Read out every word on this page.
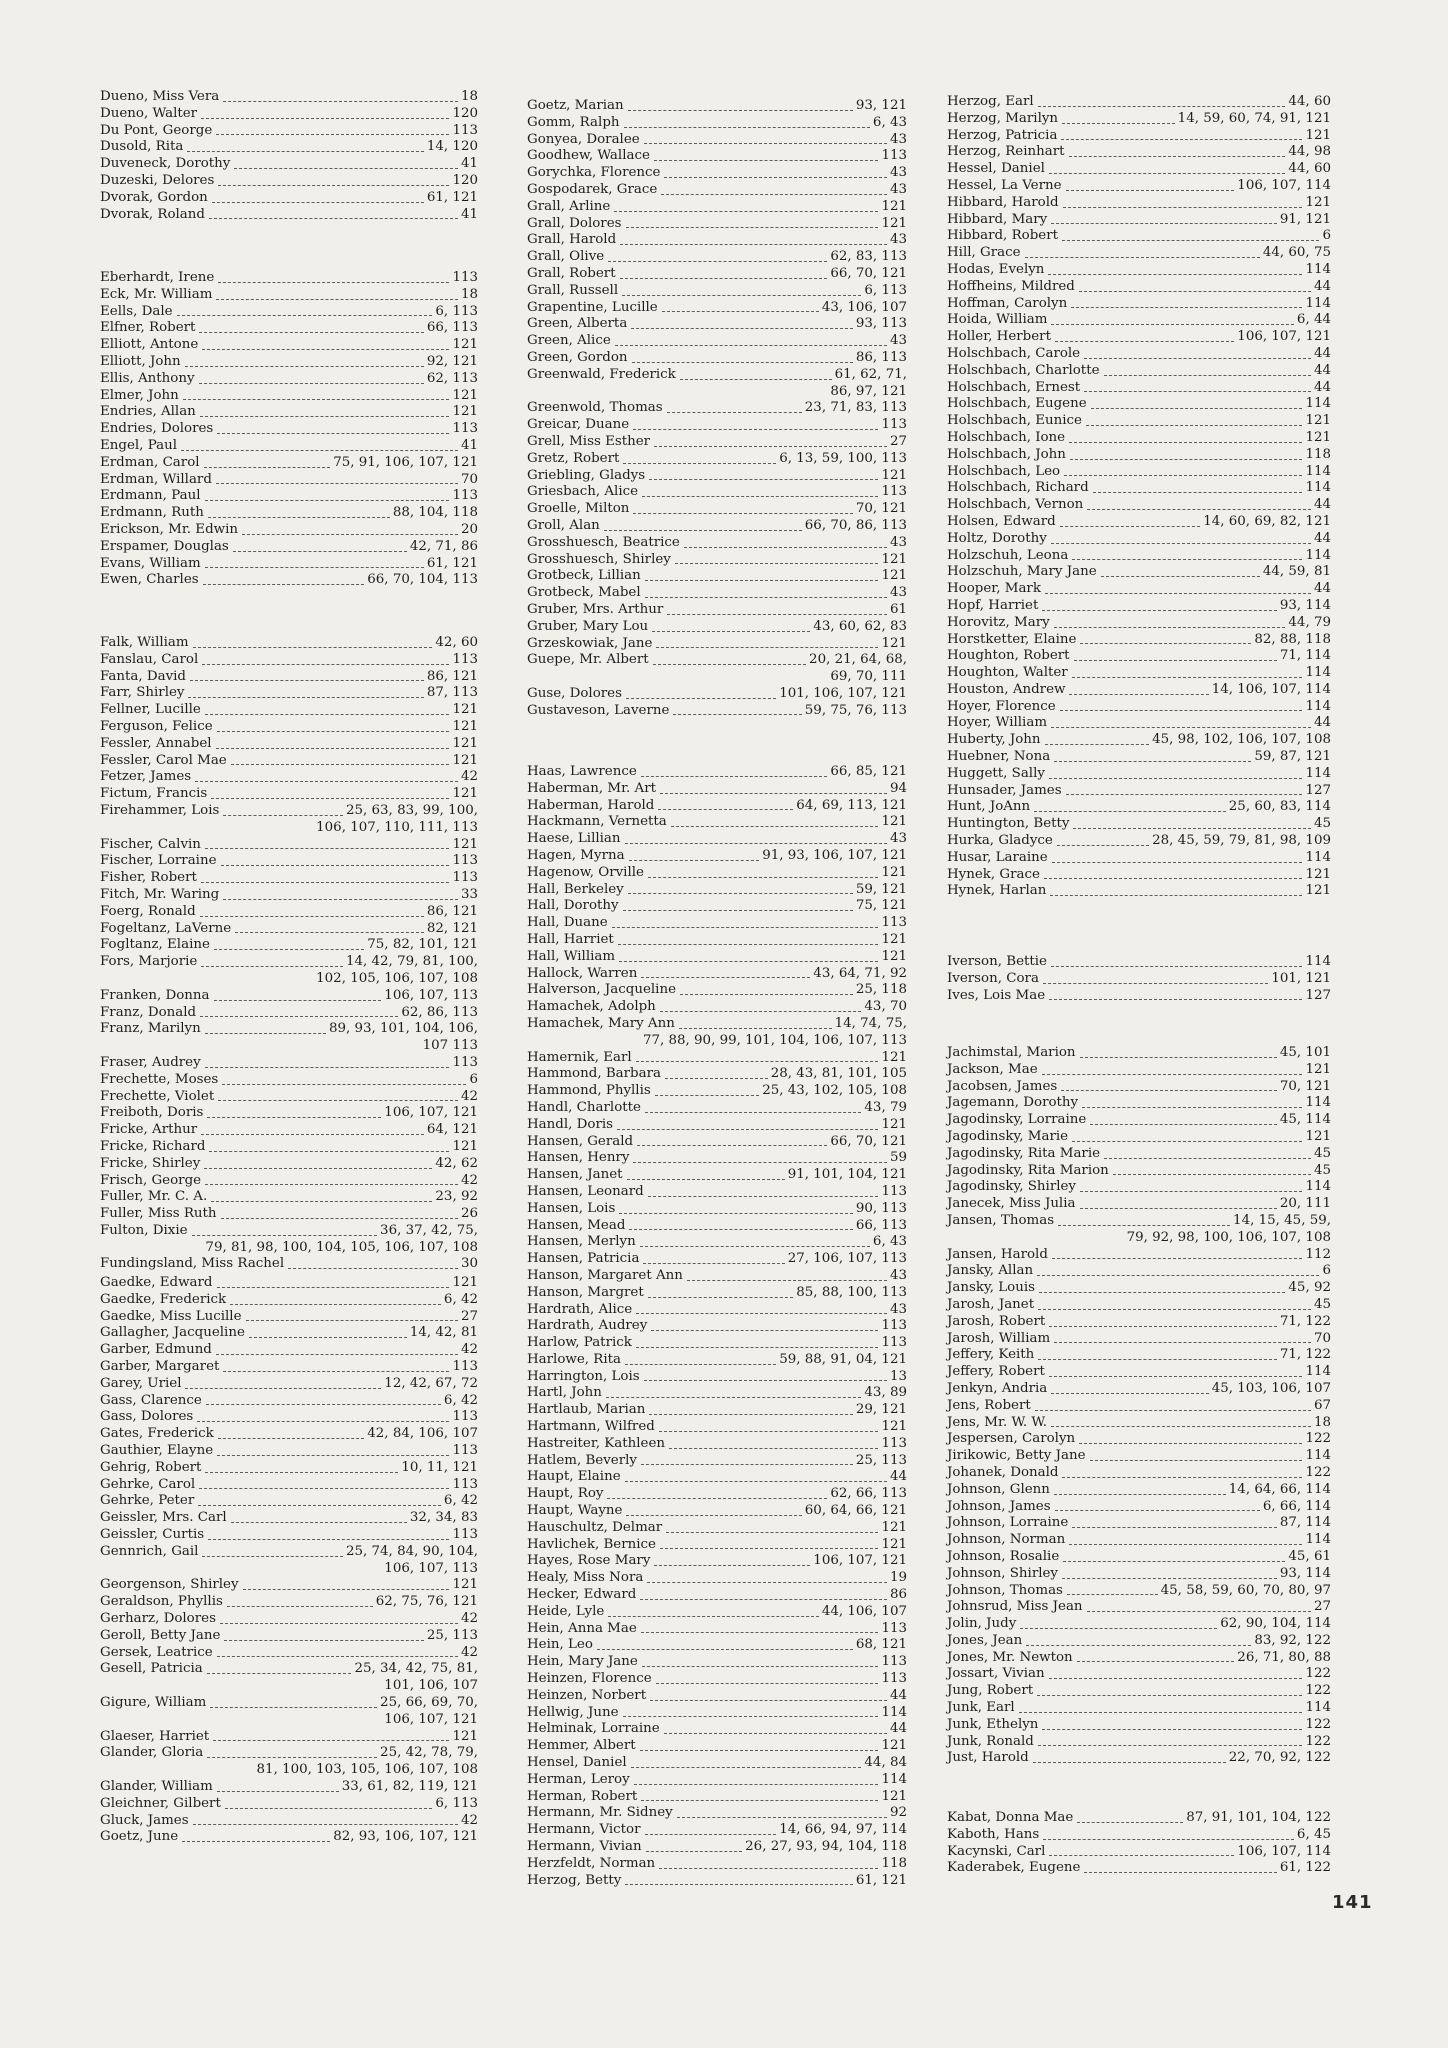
Dueno, Miss Vera	18
Dueno, Walter	120
Du Pont, George	113
Dusold, Rita	14, 120
Duveneck, Dorothy	41
Duzeski, Delores	120
Dvorak, Gordon	61, 121
Dvorak, Roland	41
Eberhardt, Irene	113
Eck, Mr. William	18
Eells, Dale	6, 113
Elfner, Robert	66, 113
Elliott, Antone	121
Elliott, John	92, 121
Ellis, Anthony	62, 113
Elmer, John	121
Endries, Allan	121
Endries, Dolores	113
Engel, Paul	41
Erdman, Carol	75, 91, 106, 107, 121
Erdman, Willard	70
Erdmann, Paul	113
Erdmann, Ruth	88, 104, 118
Erickson, Mr. Edwin	20
Erspamer, Douglas	42, 71, 86
Evans, William	61, 121
Ewen, Charles	66, 70, 104, 113
Falk, William	42, 60
Fanslau, Carol	113
Fanta, David	86, 121
Farr, Shirley	87, 113
Fellner, Lucille	121
Ferguson, Felice	121
Fessler, Annabel	121
Fessler, Carol Mae	121
Fetzer, James	42
Fictum, Francis	121
Firehammer, Lois	25, 63, 83, 99, 100,
106, 107, 110, 111, 113
Fischer, Calvin	121
Fischer, Lorraine	113
Fisher, Robert	113
Fitch, Mr. Waring	33
Foerg, Ronald	86, 121
Fogeltanz, LaVerne	82, 121
Fogltanz, Elaine	75, 82, 101, 121
Fors, Marjorie	14, 42, 79, 81, 100,
102, 105, 106, 107, 108
Franken, Donna	106, 107, 113
Franz, Donald	62, 86, 113
Franz, Marilyn	89, 93, 101, 104, 106,
107 113
Fraser, Audrey	113
Frechette, Moses	6
Frechette, Violet	42
Freiboth, Doris	106, 107, 121
Fricke, Arthur	64, 121
Fricke, Richard	121
Fricke, Shirley	42, 62
Frisch, George	42
Fuller, Mr. C. A.	23, 92
Fuller, Miss Ruth	26
Fulton, Dixie	36, 37, 42, 75,
79, 81, 98, 100, 104, 105, 106, 107, 108
Fundingsland, Miss Rachel	30
Gaedke, Edward	121
Gaedke, Frederick	6, 42
Gaedke, Miss Lucille	27
Gallagher, Jacqueline	14, 42, 81
Garber, Edmund	42
Garber, Margaret	113
Garey, Uriel	12, 42, 67, 72
Gass, Clarence	6, 42
Gass, Dolores	113
Gates, Frederick	42, 84, 106, 107
Gauthier, Elayne	113
Gehrig, Robert	10, 11, 121
Gehrke, Carol	113
Gehrke, Peter	6, 42
Geissler, Mrs. Carl	32, 34, 83
Geissler, Curtis	113
Gennrich, Gail	25, 74, 84, 90, 104,
106, 107, 113
Georgenson, Shirley	121
Geraldson, Phyllis	62, 75, 76, 121
Gerharz, Dolores	42
Geroll, Betty Jane	25, 113
Gersek, Leatrice	42
Gesell, Patricia	25, 34, 42, 75, 81,
101, 106, 107
Gigure, William	25, 66, 69, 70,
106, 107, 121
Glaeser, Harriet	121
Glander, Gloria	25, 42, 78, 79,
81, 100, 103, 105, 106, 107, 108
Glander, William	33, 61, 82, 119, 121
Gleichner, Gilbert	6, 113
Gluck, James	42
Goetz, June	82, 93, 106, 107, 121
Goetz, Marian	93, 121
Gomm, Ralph	6, 43
Gonyea, Doralee	43
Goodhew, Wallace	113
Gorychka, Florence	43
Gospodarek, Grace	43
Grall, Arline	121
Grall, Dolores	121
Grall, Harold	43
Grall, Olive	62, 83, 113
Grall, Robert	66, 70, 121
Grall, Russell	6, 113
Grapentine, Lucille	43, 106, 107
Green, Alberta	93, 113
Green, Alice	43
Green, Gordon	86, 113
Greenwald, Frederick	61, 62, 71,
86, 97, 121
Greenwold, Thomas	23, 71, 83, 113
Greicar, Duane	113
Grell, Miss Esther	27
Gretz, Robert	6, 13, 59, 100, 113
Griebling, Gladys	121
Griesbach, Alice	113
Groelle, Milton	70, 121
Groll, Alan	66, 70, 86, 113
Grosshuesch, Beatrice	43
Grosshuesch, Shirley	121
Grotbeck, Lillian	121
Grotbeck, Mabel	43
Gruber, Mrs. Arthur	61
Gruber, Mary Lou	43, 60, 62, 83
Grzeskowiak, Jane	121
Guepe, Mr. Albert	20, 21, 64, 68,
69, 70, 111
Guse, Dolores	101, 106, 107, 121
Gustaveson, Laverne	59, 75, 76, 113
Haas, Lawrence	66, 85, 121
Haberman, Mr. Art	94
Haberman, Harold	64, 69, 113, 121
Hackmann, Vernetta	121
Haese, Lillian	43
Hagen, Myrna	91, 93, 106, 107, 121
Hagenow, Orville	121
Hall, Berkeley	59, 121
Hall, Dorothy	75, 121
Hall, Duane	113
Hall, Harriet	121
Hall, William	121
Hallock, Warren	43, 64, 71, 92
Halverson, Jacqueline	25, 118
Hamachek, Adolph	43, 70
Hamachek, Mary Ann	14, 74, 75,
77, 88, 90, 99, 101, 104, 106, 107, 113
Hamernik, Earl	121
Hammond, Barbara	28, 43, 81, 101, 105
Hammond, Phyllis	25, 43, 102, 105, 108
Handl, Charlotte	43, 79
Handl, Doris	121
Hansen, Gerald	66, 70, 121
Hansen, Henry	59
Hansen, Janet	91, 101, 104, 121
Hansen, Leonard	113
Hansen, Lois	90, 113
Hansen, Mead	66, 113
Hansen, Merlyn	6, 43
Hansen, Patricia	27, 106, 107, 113
Hanson, Margaret Ann	43
Hanson, Margret	85, 88, 100, 113
Hardrath, Alice	43
Hardrath, Audrey	113
Harlow, Patrick	113
Harlowe, Rita	59, 88, 91, 04, 121
Harrington, Lois	13
Hartl, John	43, 89
Hartlaub, Marian	29, 121
Hartmann, Wilfred	121
Hastreiter, Kathleen	113
Hatlem, Beverly	25, 113
Haupt, Elaine	44
Haupt, Roy	62, 66, 113
Haupt, Wayne	60, 64, 66, 121
Hauschultz, Delmar	121
Havlichek, Bernice	121
Hayes, Rose Mary	106, 107, 121
Healy, Miss Nora	19
Hecker, Edward	86
Heide, Lyle	44, 106, 107
Hein, Anna Mae	113
Hein, Leo	68, 121
Hein, Mary Jane	113
Heinzen, Florence	113
Heinzen, Norbert	44
Hellwig, June	114
Helminak, Lorraine	44
Hemmer, Albert	121
Hensel, Daniel	44, 84
Herman, Leroy	114
Herman, Robert	121
Hermann, Mr. Sidney	92
Hermann, Victor	14, 66, 94, 97, 114
Hermann, Vivian	26, 27, 93, 94, 104, 118
Herzfeldt, Norman	118
Herzog, Betty	61, 121
Herzog, Earl	44, 60
Herzog, Marilyn	14, 59, 60, 74, 91, 121
Herzog, Patricia	121
Herzog, Reinhart	44, 98
Hessel, Daniel	44, 60
Hessel, La Verne	106, 107, 114
Hibbard, Harold	121
Hibbard, Mary	91, 121
Hibbard, Robert	6
Hill, Grace	44, 60, 75
Hodas, Evelyn	114
Hoffheins, Mildred	44
Hoffman, Carolyn	114
Hoida, William	6, 44
Holler, Herbert	106, 107, 121
Holschbach, Carole	44
Holschbach, Charlotte	44
Holschbach, Ernest	44
Holschbach, Eugene	114
Holschbach, Eunice	121
Holschbach, Ione	121
Holschbach, John	118
Holschbach, Leo	114
Holschbach, Richard	114
Holschbach, Vernon	44
Holsen, Edward	14, 60, 69, 82, 121
Holtz, Dorothy	44
Holzschuh, Leona	114
Holzschuh, Mary Jane	44, 59, 81
Hooper, Mark	44
Hopf, Harriet	93, 114
Horovitz, Mary	44, 79
Horstketter, Elaine	82, 88, 118
Houghton, Robert	71, 114
Houghton, Walter	114
Houston, Andrew	14, 106, 107, 114
Hoyer, Florence	114
Hoyer, William	44
Huberty, John	45, 98, 102, 106, 107, 108
Huebner, Nona	59, 87, 121
Huggett, Sally	114
Hunsader, James	127
Hunt, JoAnn	25, 60, 83, 114
Huntington, Betty	45
Hurka, Gladyce	28, 45, 59, 79, 81, 98, 109
Husar, Laraine	114
Hynek, Grace	121
Hynek, Harlan	121
Iverson, Bettie	114
Iverson, Cora	101, 121
Ives, Lois Mae	127
Jachimstal, Marion	45, 101
Jackson, Mae	121
Jacobsen, James	70, 121
Jagemann, Dorothy	114
Jagodinsky, Lorraine	45, 114
Jagodinsky, Marie	121
Jagodinsky, Rita Marie	45
Jagodinsky, Rita Marion	45
Jagodinsky, Shirley	114
Janecek, Miss Julia	20, 111
Jansen, Thomas	14, 15, 45, 59,
79, 92, 98, 100, 106, 107, 108
Jansen, Harold	112
Jansky, Allan	6
Jansky, Louis	45, 92
Jarosh, Janet	45
Jarosh, Robert	71, 122
Jarosh, William	70
Jeffery, Keith	71, 122
Jeffery, Robert	114
Jenkyn, Andria	45, 103, 106, 107
Jens, Robert	67
Jens, Mr. W. W.	18
Jespersen, Carolyn	122
Jirikowic, Betty Jane	114
Johanek, Donald	122
Johnson, Glenn	14, 64, 66, 114
Johnson, James	6, 66, 114
Johnson, Lorraine	87, 114
Johnson, Norman	114
Johnson, Rosalie	45, 61
Johnson, Shirley	93, 114
Johnson, Thomas	45, 58, 59, 60, 70, 80, 97
Johnsrud, Miss Jean	27
Jolin, Judy	62, 90, 104, 114
Jones, Jean	83, 92, 122
Jones, Mr. Newton	26, 71, 80, 88
Jossart, Vivian	122
Jung, Robert	122
Junk, Earl	114
Junk, Ethelyn	122
Junk, Ronald	122
Just, Harold	22, 70, 92, 122
Kabat, Donna Mae	87, 91, 101, 104, 122
Kaboth, Hans	6, 45
Kacynski, Carl	106, 107, 114
Kaderabek, Eugene	61, 122
141
